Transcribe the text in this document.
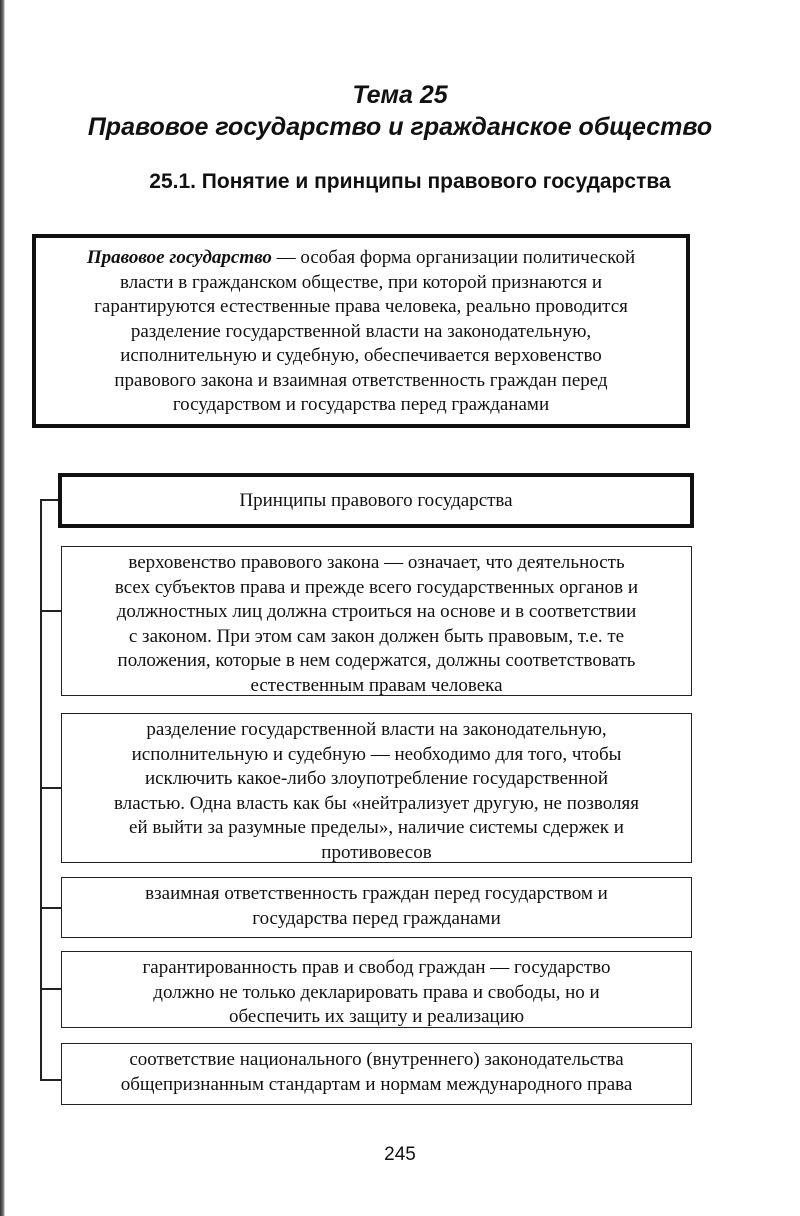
Тема 25
Правовое государство и гражданское общество
25.1. Понятие и принципы правового государства
Правовое государство — особая форма организации политической
власти в гражданском обществе, при которой признаются и
гарантируются естественные права человека, реально проводится
разделение государственной власти на законодательную,
исполнительную и судебную, обеспечивается верховенство
правового закона и взаимная ответственность граждан перед
государством и государства перед гражданами
Принципы правового государства
верховенство правового закона — означает, что деятельность
всех субъектов права и прежде всего государственных органов и
должностных лиц должна строиться на основе и в соответствии
с законом. При этом сам закон должен быть правовым, т.е. те
положения, которые в нем содержатся, должны соответствовать
естественным правам человека
разделение государственной власти на законодательную,
исполнительную и судебную — необходимо для того, чтобы
исключить какое-либо злоупотребление государственной
властью. Одна власть как бы «нейтрализует другую, не позволяя
ей выйти за разумные пределы», наличие системы сдержек и
противовесов
взаимная ответственность граждан перед государством и
государства перед гражданами
гарантированность прав и свобод граждан — государство
должно не только декларировать права и свободы, но и
обеспечить их защиту и реализацию
соответствие национального (внутреннего) законодательства
общепризнанным стандартам и нормам международного права
245
